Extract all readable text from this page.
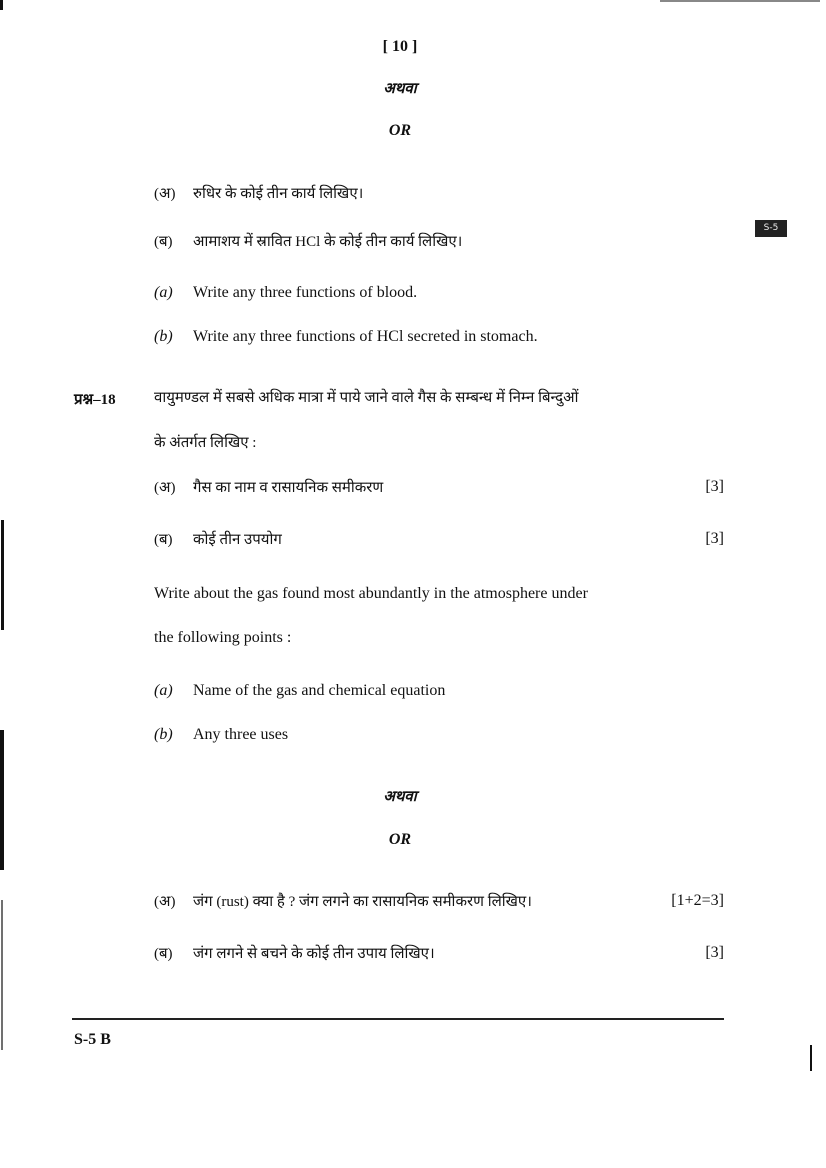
[ 10 ]
अथवा
OR
S-5
(अ) रुधिर के कोई तीन कार्य लिखिए।
(ब) आमाशय में स्रावित HCl के कोई तीन कार्य लिखिए।
(a) Write any three functions of blood.
(b) Write any three functions of HCl secreted in stomach.
प्रश्न–18	वायुमण्डल में सबसे अधिक मात्रा में पाये जाने वाले गैस के सम्बन्ध में निम्न बिन्दुओं
के अंतर्गत लिखिए :
(अ) गैस का नाम व रासायनिक समीकरण	[3]
(ब) कोई तीन उपयोग	[3]
Write about the gas found most abundantly in the atmosphere under
the following points :
(a) Name of the gas and chemical equation
(b) Any three uses
अथवा
OR
(अ) जंग (rust) क्या है ? जंग लगने का रासायनिक समीकरण लिखिए।	[1+2=3]
(ब) जंग लगने से बचने के कोई तीन उपाय लिखिए।	[3]
S-5 B
